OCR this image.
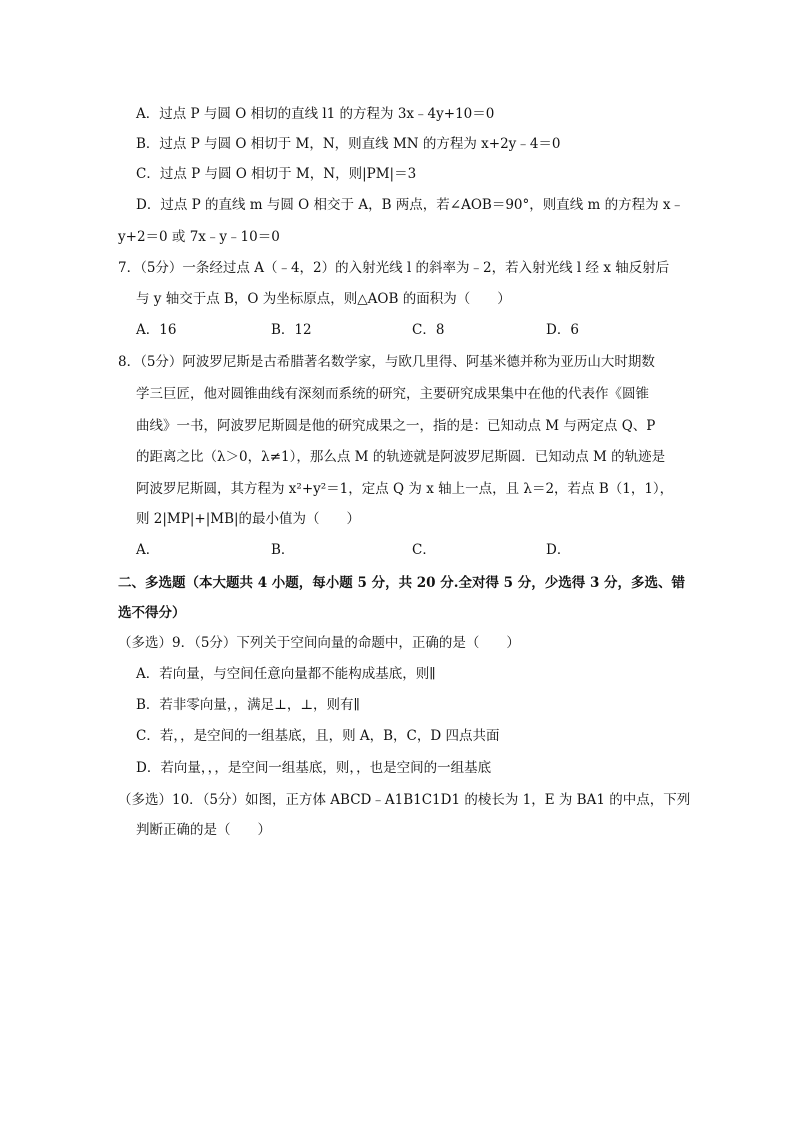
A．过点 P 与圆 O 相切的直线 l1 的方程为 3x﹣4y+10＝0
B．过点 P 与圆 O 相切于 M，N，则直线 MN 的方程为 x+2y﹣4＝0
C．过点 P 与圆 O 相切于 M，N，则|PM|＝3
D．过点 P 的直线 m 与圆 O 相交于 A，B 两点，若∠AOB＝90°，则直线 m 的方程为 x﹣
y+2＝0 或 7x﹣y﹣10＝0
7．（5分）一条经过点 A（﹣4，2）的入射光线 l 的斜率为﹣2，若入射光线 l 经 x 轴反射后
与 y 轴交于点 B，O 为坐标原点，则△AOB 的面积为（　　）
A．16	B．12	C．8	D．6
8．（5分）阿波罗尼斯是古希腊著名数学家，与欧几里得、阿基米德并称为亚历山大时期数
学三巨匠，他对圆锥曲线有深刻而系统的研究，主要研究成果集中在他的代表作《圆锥
曲线》一书，阿波罗尼斯圆是他的研究成果之一，指的是：已知动点 M 与两定点 Q、P
的距离之比（λ＞0，λ≠1），那么点 M 的轨迹就是阿波罗尼斯圆．已知动点 M 的轨迹是
阿波罗尼斯圆，其方程为 x²+y²＝1，定点 Q 为 x 轴上一点，且 λ＝2，若点 B（1，1），
则 2|MP|+|MB|的最小值为（　　）
A．	B．	C．	D．
二、多选题（本大题共 4 小题，每小题 5 分，共 20 分.全对得 5 分，少选得 3 分，多选、错
选不得分）
（多选）9．（5分）下列关于空间向量的命题中，正确的是（　　）
A．若向量，与空间任意向量都不能构成基底，则∥
B．若非零向量，，满足⊥，⊥，则有∥
C．若，，是空间的一组基底，且，则 A，B，C，D 四点共面
D．若向量，，，是空间一组基底，则，，也是空间的一组基底
（多选）10．（5分）如图，正方体 ABCD﹣A1B1C1D1 的棱长为 1，E 为 BA1 的中点，下列
判断正确的是（　　）
